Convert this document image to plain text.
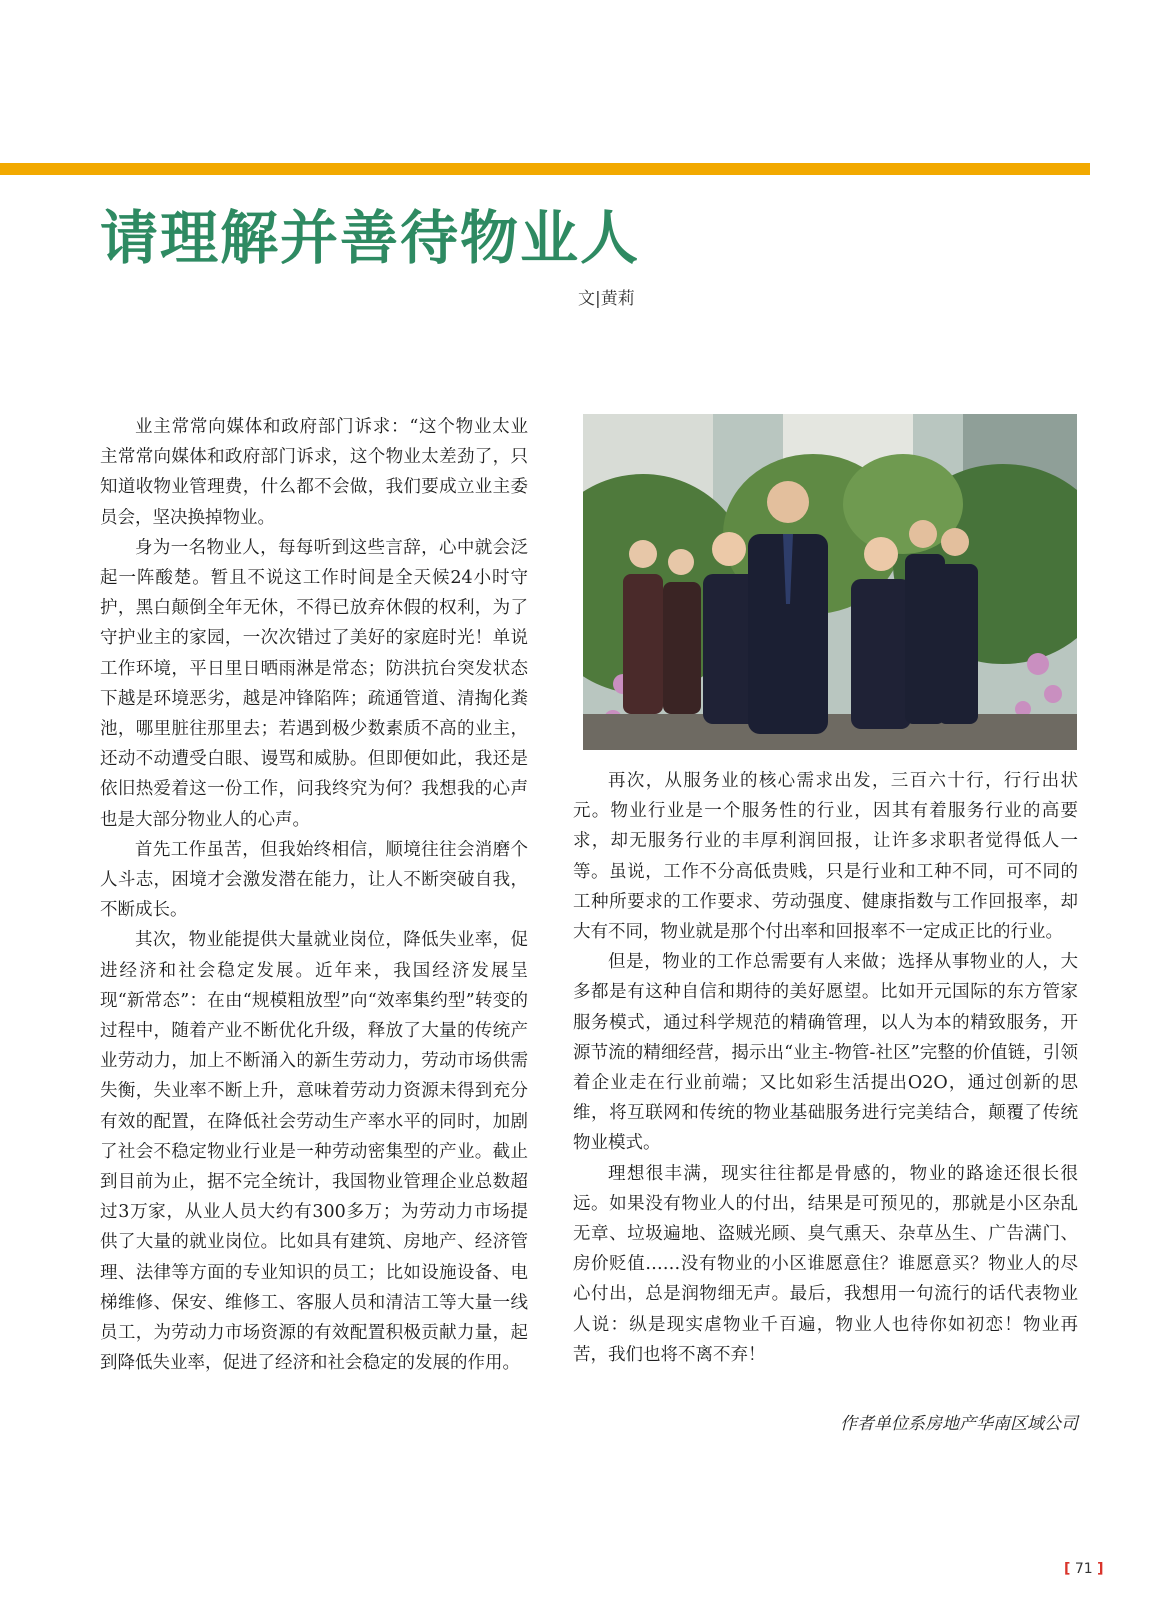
请理解并善待物业人
文|黄莉

业主常常向媒体和政府部门诉求：“这个物业太业主常常向媒体和政府部门诉求，这个物业太差劲了，只知道收物业管理费，什么都不会做，我们要成立业主委员会，坚决换掉物业。

身为一名物业人，每每听到这些言辞，心中就会泛起一阵酸楚。暂且不说这工作时间是全天候24小时守护，黑白颠倒全年无休，不得已放弃休假的权利，为了守护业主的家园，一次次错过了美好的家庭时光！单说工作环境，平日里日晒雨淋是常态；防洪抗台突发状态下越是环境恶劣，越是冲锋陷阵；疏通管道、清掏化粪池，哪里脏往那里去；若遇到极少数素质不高的业主，还动不动遭受白眼、谩骂和威胁。但即便如此，我还是依旧热爱着这一份工作，问我终究为何？我想我的心声也是大部分物业人的心声。

首先工作虽苦，但我始终相信，顺境往往会消磨个人斗志，困境才会激发潜在能力，让人不断突破自我，不断成长。

其次，物业能提供大量就业岗位，降低失业率，促进经济和社会稳定发展。近年来，我国经济发展呈现“新常态”：在由“规模粗放型”向“效率集约型”转变的过程中，随着产业不断优化升级，释放了大量的传统产业劳动力，加上不断涌入的新生劳动力，劳动市场供需失衡，失业率不断上升，意味着劳动力资源未得到充分有效的配置，在降低社会劳动生产率水平的同时，加剧了社会不稳定物业行业是一种劳动密集型的产业。截止到目前为止，据不完全统计，我国物业管理企业总数超过3万家，从业人员大约有300多万；为劳动力市场提供了大量的就业岗位。比如具有建筑、房地产、经济管理、法律等方面的专业知识的员工；比如设施设备、电梯维修、保安、维修工、客服人员和清洁工等大量一线员工，为劳动力市场资源的有效配置积极贡献力量，起到降低失业率，促进了经济和社会稳定的发展的作用。

再次，从服务业的核心需求出发，三百六十行，行行出状元。物业行业是一个服务性的行业，因其有着服务行业的高要求，却无服务行业的丰厚利润回报，让许多求职者觉得低人一等。虽说，工作不分高低贵贱，只是行业和工种不同，可不同的工种所要求的工作要求、劳动强度、健康指数与工作回报率，却大有不同，物业就是那个付出率和回报率不一定成正比的行业。

但是，物业的工作总需要有人来做；选择从事物业的人，大多都是有这种自信和期待的美好愿望。比如开元国际的东方管家服务模式，通过科学规范的精确管理，以人为本的精致服务，开源节流的精细经营，揭示出“业主-物管-社区”完整的价值链，引领着企业走在行业前端；又比如彩生活提出O2O，通过创新的思维，将互联网和传统的物业基础服务进行完美结合，颠覆了传统物业模式。

理想很丰满，现实往往都是骨感的，物业的路途还很长很远。如果没有物业人的付出，结果是可预见的，那就是小区杂乱无章、垃圾遍地、盗贼光顾、臭气熏天、杂草丛生、广告满门、房价贬值……没有物业的小区谁愿意住？谁愿意买？物业人的尽心付出，总是润物细无声。最后，我想用一句流行的话代表物业人说：纵是现实虐物业千百遍，物业人也待你如初恋！物业再苦，我们也将不离不弃！

作者单位系房地产华南区域公司
[ 71 ]
